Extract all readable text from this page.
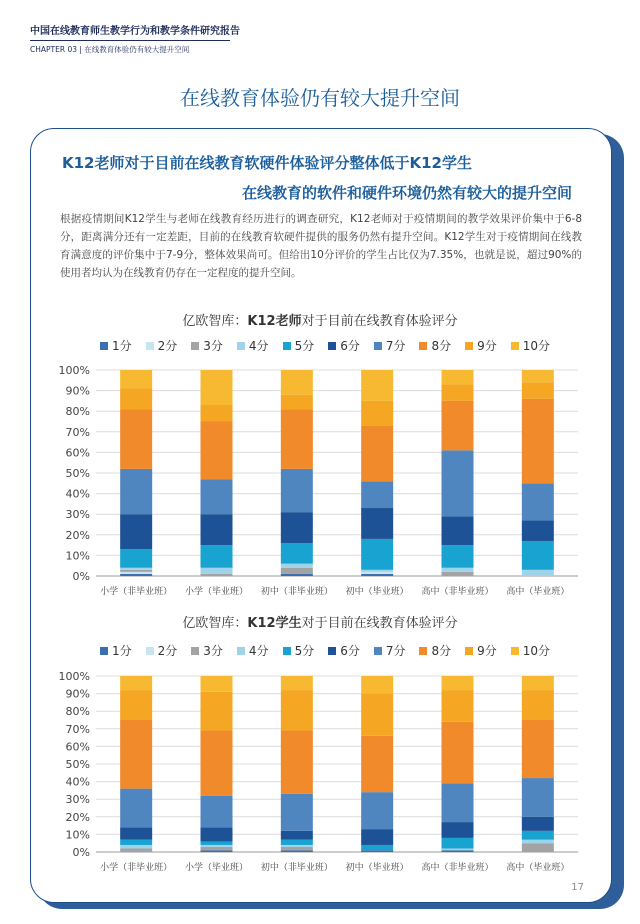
中国在线教育师生教学行为和教学条件研究报告
CHAPTER 03 | 在线教育体验仍有较大提升空间
在线教育体验仍有较大提升空间
K12老师对于目前在线教育软硬件体验评分整体低于K12学生
在线教育的软件和硬件环境仍然有较大的提升空间
根据疫情期间K12学生与老师在线教育经历进行的调查研究，K12老师对于疫情期间的教学效果评价集中于6-8分，距离满分还有一定差距，目前的在线教育软硬件提供的服务仍然有提升空间。K12学生对于疫情期间在线教育满意度的评价集中于7-9分，整体效果尚可。但给出10分评价的学生占比仅为7.35%，也就是说，超过90%的使用者均认为在线教育仍存在一定程度的提升空间。
亿欧智库：K12老师对于目前在线教育体验评分
1分 2分 3分 4分 5分 6分 7分 8分 9分 10分
0%
10%
20%
30%
40%
50%
60%
70%
80%
90%
100%
小学（非毕业班） 小学（毕业班） 初中（非毕业班） 初中（毕业班） 高中（非毕业班） 高中（毕业班）
亿欧智库：K12学生对于目前在线教育体验评分
1分 2分 3分 4分 5分 6分 7分 8分 9分 10分
0%
10%
20%
30%
40%
50%
60%
70%
80%
90%
100%
小学（非毕业班） 小学（毕业班） 初中（非毕业班） 初中（毕业班） 高中（非毕业班） 高中（毕业班）
17
